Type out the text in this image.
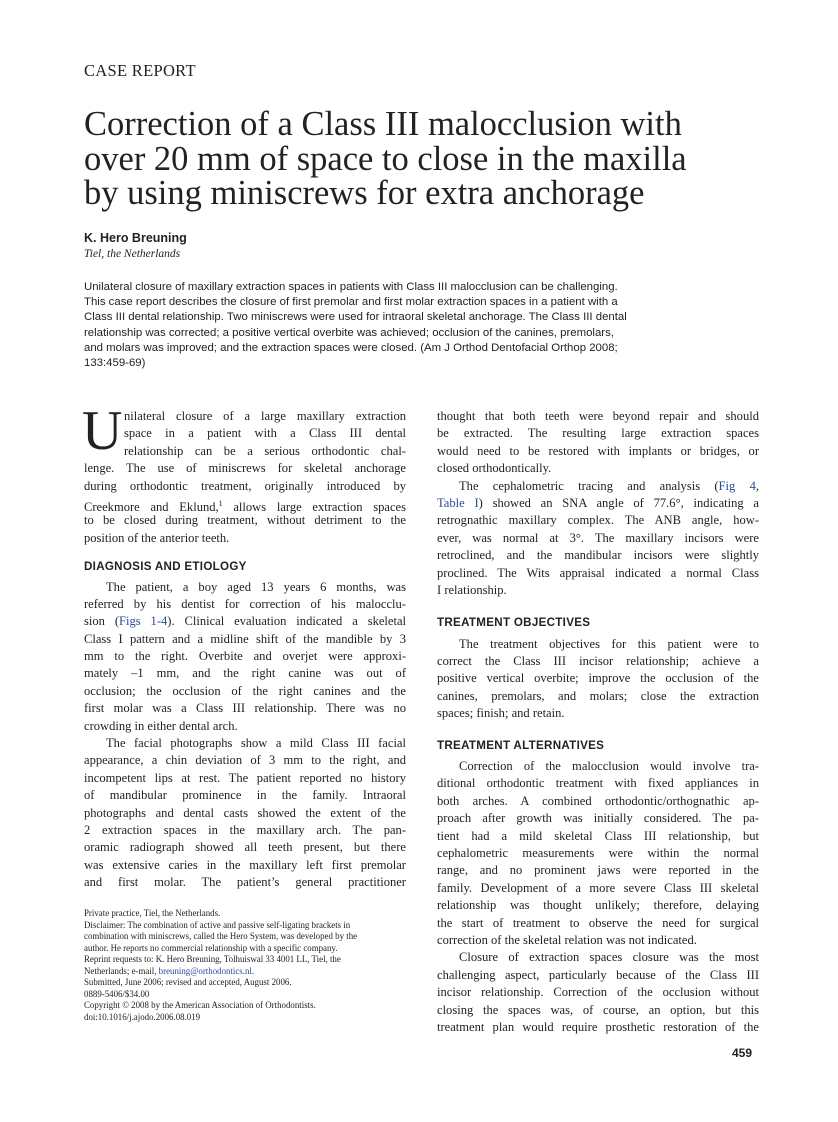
CASE REPORT
Correction of a Class III malocclusion with
over 20 mm of space to close in the maxilla
by using miniscrews for extra anchorage
K. Hero Breuning
Tiel, the Netherlands
Unilateral closure of maxillary extraction spaces in patients with Class III malocclusion can be challenging.
This case report describes the closure of first premolar and first molar extraction spaces in a patient with a
Class III dental relationship. Two miniscrews were used for intraoral skeletal anchorage. The Class III dental
relationship was corrected; a positive vertical overbite was achieved; occlusion of the canines, premolars,
and molars was improved; and the extraction spaces were closed. (Am J Orthod Dentofacial Orthop 2008;
133:459-69)
U nilateral closure of a large maxillary extraction
space in a patient with a Class III dental
relationship can be a serious orthodontic chal-
lenge. The use of miniscrews for skeletal anchorage
during orthodontic treatment, originally introduced by
Creekmore and Eklund,$^1$ allows large extraction spaces
to be closed during treatment, without detriment to the
position of the anterior teeth.
DIAGNOSIS AND ETIOLOGY
The patient, a boy aged 13 years 6 months, was
referred by his dentist for correction of his malocclu-
sion (Figs 1-4). Clinical evaluation indicated a skeletal
Class I pattern and a midline shift of the mandible by 3
mm to the right. Overbite and overjet were approxi-
mately –1 mm, and the right canine was out of
occlusion; the occlusion of the right canines and the
first molar was a Class III relationship. There was no
crowding in either dental arch.
The facial photographs show a mild Class III facial
appearance, a chin deviation of 3 mm to the right, and
incompetent lips at rest. The patient reported no history
of mandibular prominence in the family. Intraoral
photographs and dental casts showed the extent of the
2 extraction spaces in the maxillary arch. The pan-
oramic radiograph showed all teeth present, but there
was extensive caries in the maxillary left first premolar
and first molar. The patient’s general practitioner
thought that both teeth were beyond repair and should
be extracted. The resulting large extraction spaces
would need to be restored with implants or bridges, or
closed orthodontically.
The cephalometric tracing and analysis (Fig 4,
Table I) showed an SNA angle of 77.6°, indicating a
retrognathic maxillary complex. The ANB angle, how-
ever, was normal at 3°. The maxillary incisors were
retroclined, and the mandibular incisors were slightly
proclined. The Wits appraisal indicated a normal Class
I relationship.
TREATMENT OBJECTIVES
The treatment objectives for this patient were to
correct the Class III incisor relationship; achieve a
positive vertical overbite; improve the occlusion of the
canines, premolars, and molars; close the extraction
spaces; finish; and retain.
TREATMENT ALTERNATIVES
Correction of the malocclusion would involve tra-
ditional orthodontic treatment with fixed appliances in
both arches. A combined orthodontic/orthognathic ap-
proach after growth was initially considered. The pa-
tient had a mild skeletal Class III relationship, but
cephalometric measurements were within the normal
range, and no prominent jaws were reported in the
family. Development of a more severe Class III skeletal
relationship was thought unlikely; therefore, delaying
the start of treatment to observe the need for surgical
correction of the skeletal relation was not indicated.
Closure of extraction spaces closure was the most
challenging aspect, particularly because of the Class III
incisor relationship. Correction of the occlusion without
closing the spaces was, of course, an option, but this
treatment plan would require prosthetic restoration of the
Private practice, Tiel, the Netherlands.
Disclaimer: The combination of active and passive self-ligating brackets in
combination with miniscrews, called the Hero System, was developed by the
author. He reports no commercial relationship with a specific company.
Reprint requests to: K. Hero Breuning, Tolhuiswal 33 4001 LL, Tiel, the
Netherlands; e-mail, breuning@orthodontics.nl.
Submitted, June 2006; revised and accepted, August 2006.
0889-5406/$34.00
Copyright © 2008 by the American Association of Orthodontists.
doi:10.1016/j.ajodo.2006.08.019
459
